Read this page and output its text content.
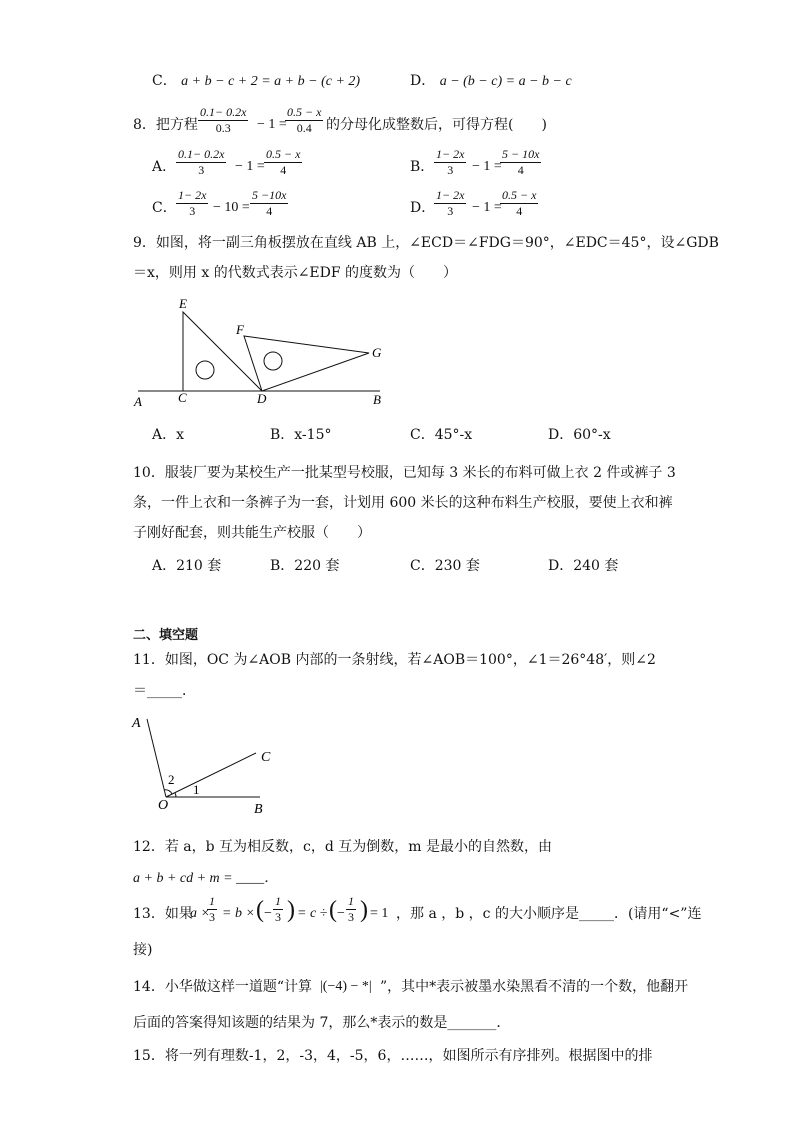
C． a + b − c + 2 = a + b − (c + 2)	D． a − (b − c) = a − b − c
8．把方程 $\frac{0.1- 0.2x}{0.3} - 1$ =
$\frac{0.5 - x}{0.4}$ 的分母化成整数后，可得方程(　　)
A． $\frac{0.1- 0.2x}{3} - 1 = \frac{0.5 - x}{4}$	B． $\frac{1- 2x}{3} - 1$ =
$\frac{5 - 10x}{4}$
C． $\frac{1- 2x}{3} - 10 = \frac{5 -10x}{4}$	D．
$\frac{1- 2x}{3} - 1$ =
$\frac{0.5 - x}{4}$
9．如图，将一副三角板摆放在直线 AB 上，∠ECD＝∠FDG＝90°，∠EDC＝45°，设∠GDB
＝x，则用 x 的代数式表示∠EDF 的度数为（　　）
E
F
G
A	C	D	B
A．x	B．x-15°	C．45°-x	D．60°-x
10．服装厂要为某校生产一批某型号校服，已知每 3 米长的布料可做上衣 2 件或裤子 3
条，一件上衣和一条裤子为一套，计划用 600 米长的这种布料生产校服，要使上衣和裤
子刚好配套，则共能生产校服（　　）
A．210 套	B．220 套	C．230 套	D．240 套
二、填空题
11．如图，OC 为∠AOB 内部的一条射线，若∠AOB＝100°，∠1＝26°48′，则∠2
＝_____．
A
C
O	B
1
2
12．若 a，b 互为相反数，c，d 互为倒数，m 是最小的自然数，由
a + b + cd + m = ____．
13．如果
a ×
$\frac{1}{3} = b$ × ( − $\frac{1}{3}$ ) = c ÷ ( − $\frac{1}{3}$ ) = 1 ，那 a ，b ，c 的大小顺序是_____．(请用“<”连
接)
14．小华做这样一道题“计算 |(−4) − *| ”，其中*表示被墨水染黑看不清的一个数，他翻开
后面的答案得知该题的结果为 7，那么*表示的数是_______．
15．将一列有理数-1，2，-3，4，-5，6，……，如图所示有序排列。根据图中的排
